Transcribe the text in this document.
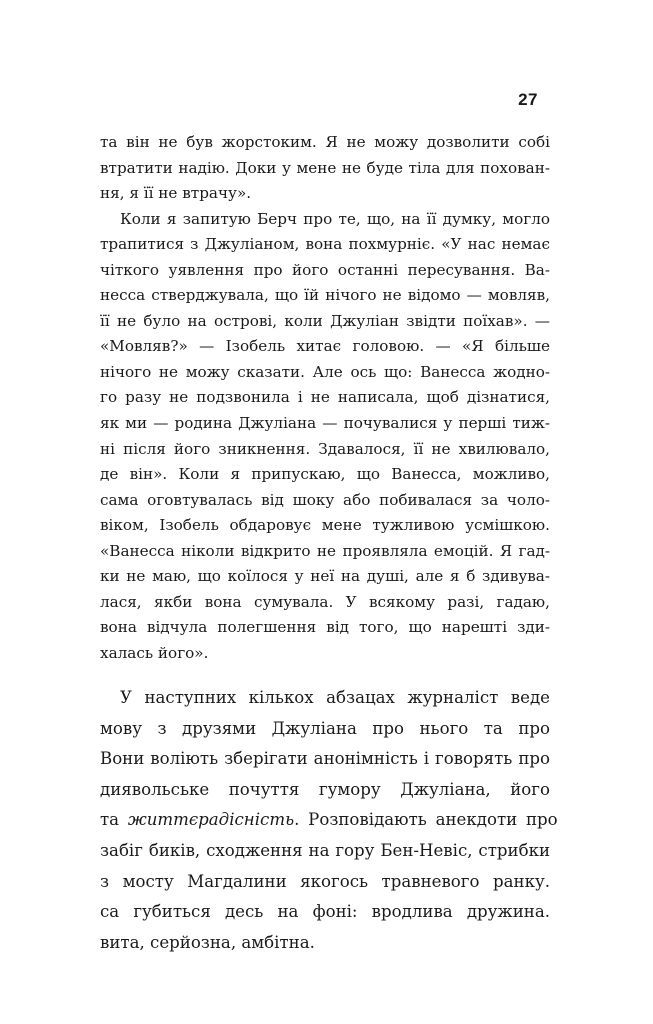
27
та він не був жорстоким. Я не можу дозволити собі
втратити надію. Доки у мене не буде тіла для похован-
ня, я її не втрачу».
Коли я запитую Берч про те, що, на її думку, могло
трапитися з Джуліаном, вона похмурніє. «У нас немає
чіткого уявлення про його останні пересування. Ва-
несса стверджувала, що їй нічого не відомо — мовляв,
її не було на острові, коли Джуліан звідти поїхав». —
«Мовляв?» — Ізобель хитає головою. — «Я більше
нічого не можу сказати. Але ось що: Ванесса жодно-
го разу не подзвонила і не написала, щоб дізнатися,
як ми — родина Джуліана — почувалися у перші тиж-
ні після його зникнення. Здавалося, її не хвилювало,
де він». Коли я припускаю, що Ванесса, можливо,
сама оговтувалась від шоку або побивалася за чоло-
віком, Ізобель обдаровує мене тужливою усмішкою.
«Ванесса ніколи відкрито не проявляла емоцій. Я гад-
ки не маю, що коїлося у неї на душі, але я б здивува-
лася, якби вона сумувала. У всякому разі, гадаю,
вона відчула полегшення від того, що нарешті зди-
халась його».
У наступних кількох абзацах журналіст веде
мову з друзями Джуліана про нього та про
Вони воліють зберігати анонімність і говорять про
диявольське почуття гумору Джуліана, його
та життєрадісність. Розповідають анекдоти про
забіг биків, сходження на гору Бен-Невіс, стрибки
з мосту Магдалини якогось травневого ранку.
са губиться десь на фоні: вродлива дружина.
вита, серйозна, амбітна.
